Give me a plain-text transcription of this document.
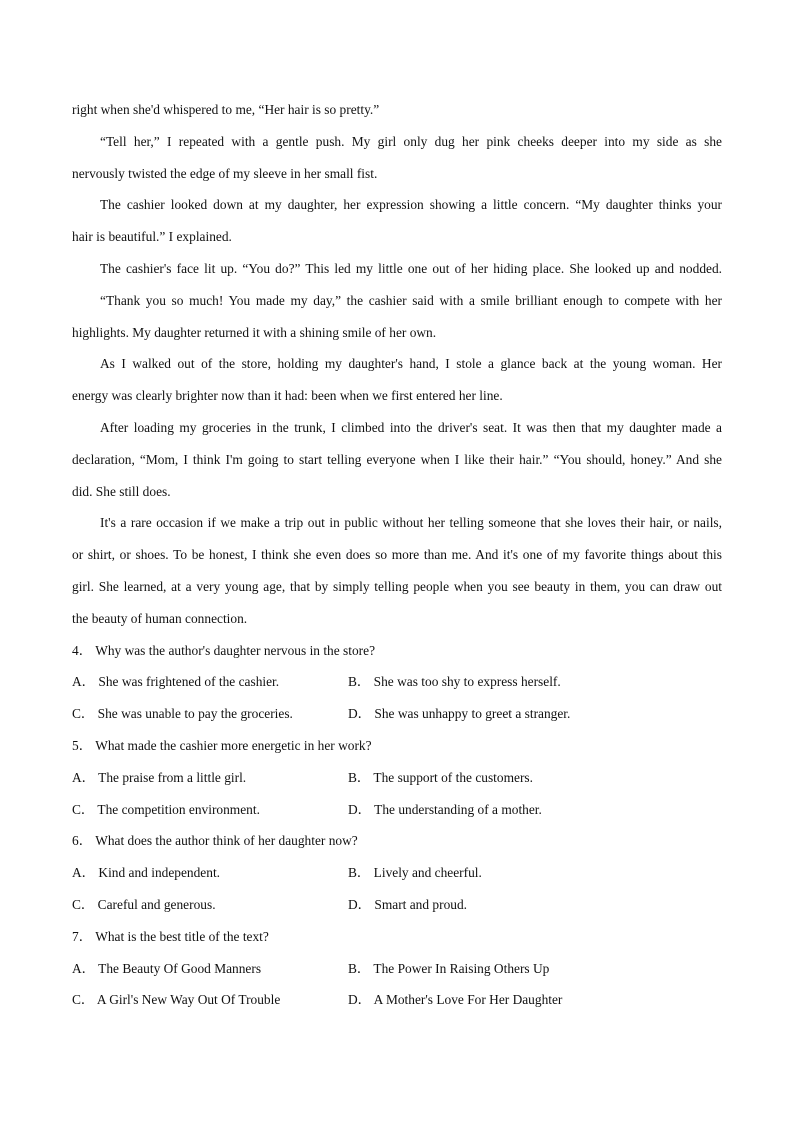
right when she'd whispered to me, “Her hair is so pretty.”
“Tell her,” I repeated with a gentle push. My girl only dug her pink cheeks deeper into my side as she
nervously twisted the edge of my sleeve in her small fist.
The cashier looked down at my daughter, her expression showing a little concern. “My daughter thinks your
hair is beautiful.” I explained.
The cashier's face lit up. “You do?” This led my little one out of her hiding place. She looked up and nodded.
“Thank you so much! You made my day,” the cashier said with a smile brilliant enough to compete with her
highlights. My daughter returned it with a shining smile of her own.
As I walked out of the store, holding my daughter's hand, I stole a glance back at the young woman. Her
energy was clearly brighter now than it had: been when we first entered her line.
After loading my groceries in the trunk, I climbed into the driver's seat. It was then that my daughter made a
declaration, “Mom, I think I'm going to start telling everyone when I like their hair.” “You should, honey.” And she
did. She still does.
It's a rare occasion if we make a trip out in public without her telling someone that she loves their hair, or nails,
or shirt, or shoes. To be honest, I think she even does so more than me. And it's one of my favorite things about this
girl. She learned, at a very young age, that by simply telling people when you see beauty in them, you can draw out
the beauty of human connection.
4． Why was the author's daughter nervous in the store?
A． She was frightened of the cashier.	B． She was too shy to express herself.
C． She was unable to pay the groceries.	D． She was unhappy to greet a stranger.
5． What made the cashier more energetic in her work?
A． The praise from a little girl.	B． The support of the customers.
C． The competition environment.	D． The understanding of a mother.
6． What does the author think of her daughter now?
A． Kind and independent.	B． Lively and cheerful.
C． Careful and generous.	D． Smart and proud.
7． What is the best title of the text?
A． The Beauty Of Good Manners	B． The Power In Raising Others Up
C． A Girl's New Way Out Of Trouble	D． A Mother's Love For Her Daughter
